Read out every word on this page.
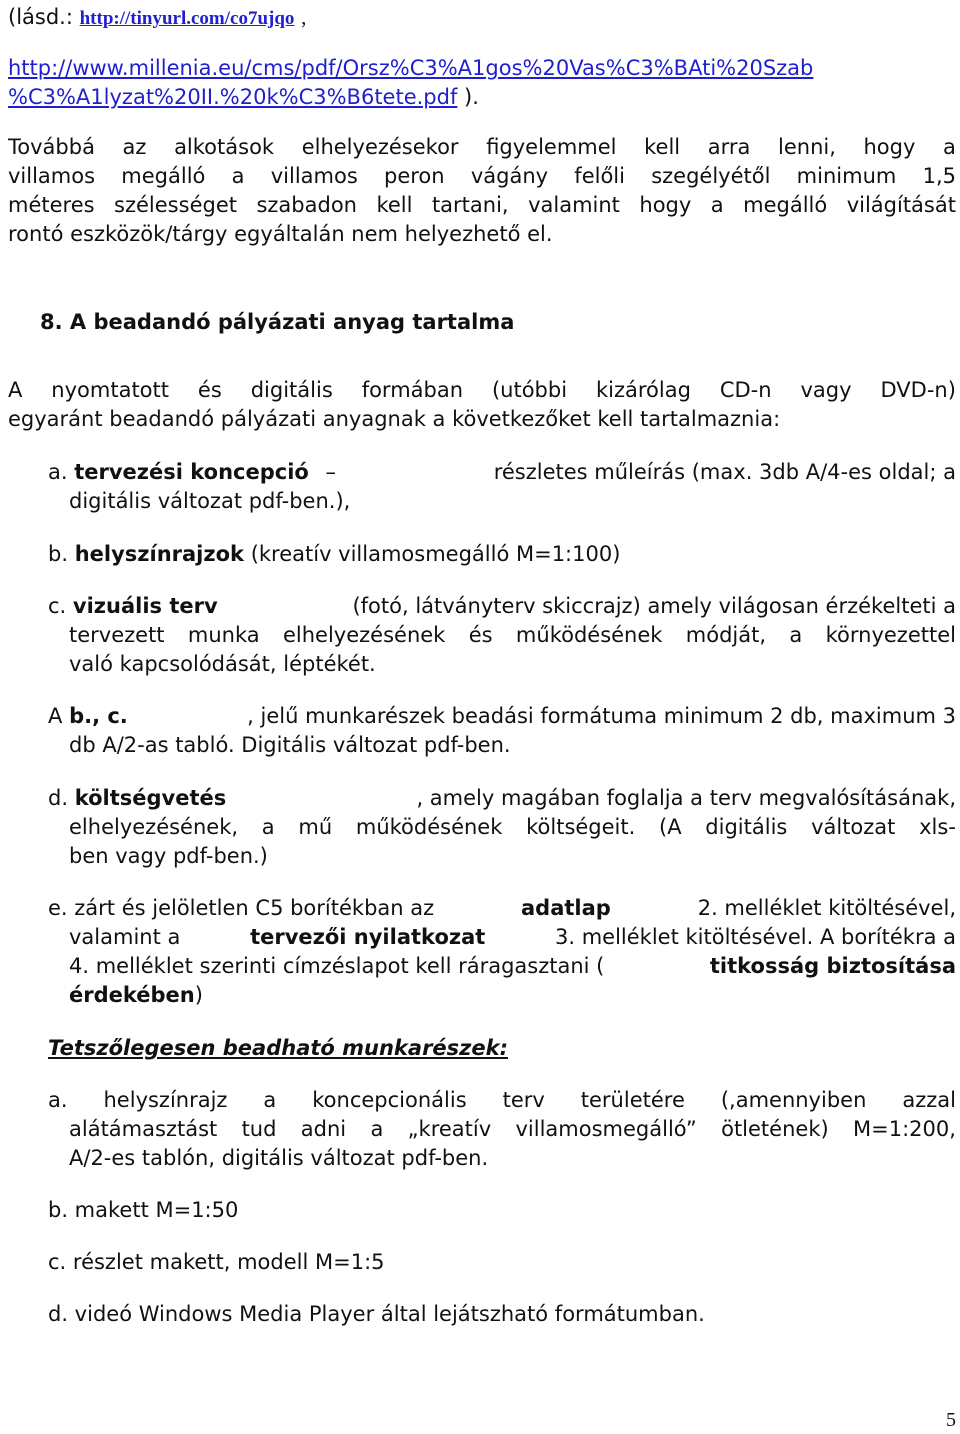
(lásd.: http://tinyurl.com/co7ujqo ,
http://www.millenia.eu/cms/pdf/Orsz%C3%A1gos%20Vas%C3%BAti%20Szab
%C3%A1lyzat%20II.%20k%C3%B6tete.pdf ).
Továbbá az alkotások elhelyezésekor figyelemmel kell arra lenni, hogy a
villamos megálló a villamos peron vágány felőli szegélyétől minimum 1,5
méteres szélességet szabadon kell tartani, valamint hogy a megálló világítását
rontó eszközök/tárgy egyáltalán nem helyezhető el.
8. A beadandó pályázati anyag tartalma
A nyomtatott és digitális formában (utóbbi kizárólag CD-n vagy DVD-n)
egyaránt beadandó pályázati anyagnak a következőket kell tartalmaznia:
a. tervezési koncepció –	részletes műleírás (max. 3db A/4-es oldal; a
digitális változat pdf-ben.),
b. helyszínrajzok (kreatív villamosmegálló M=1:100)
c. vizuális terv	(fotó, látványterv skiccrajz) amely világosan érzékelteti a
tervezett munka elhelyezésének és működésének módját, a környezettel
való kapcsolódását, léptékét.
A b., c.	, jelű munkarészek beadási formátuma minimum 2 db, maximum 3
db A/2-as tabló. Digitális változat pdf-ben.
d. költségvetés	, amely magában foglalja a terv megvalósításának,
elhelyezésének, a mű működésének költségeit. (A digitális változat xls-
ben vagy pdf-ben.)
e. zárt és jelöletlen C5 borítékban az	adatlap	2. melléklet kitöltésével,
valamint a	tervezői nyilatkozat	3. melléklet kitöltésével. A borítékra a
4. melléklet szerinti címzéslapot kell ráragasztani (	titkosság biztosítása
érdekében)
Tetszőlegesen beadható munkarészek:
a. helyszínrajz a koncepcionális terv területére (,amennyiben azzal
alátámasztást tud adni a „kreatív villamosmegálló” ötletének) M=1:200,
A/2-es tablón, digitális változat pdf-ben.
b. makett M=1:50
c. részlet makett, modell M=1:5
d. videó Windows Media Player által lejátszható formátumban.
5
